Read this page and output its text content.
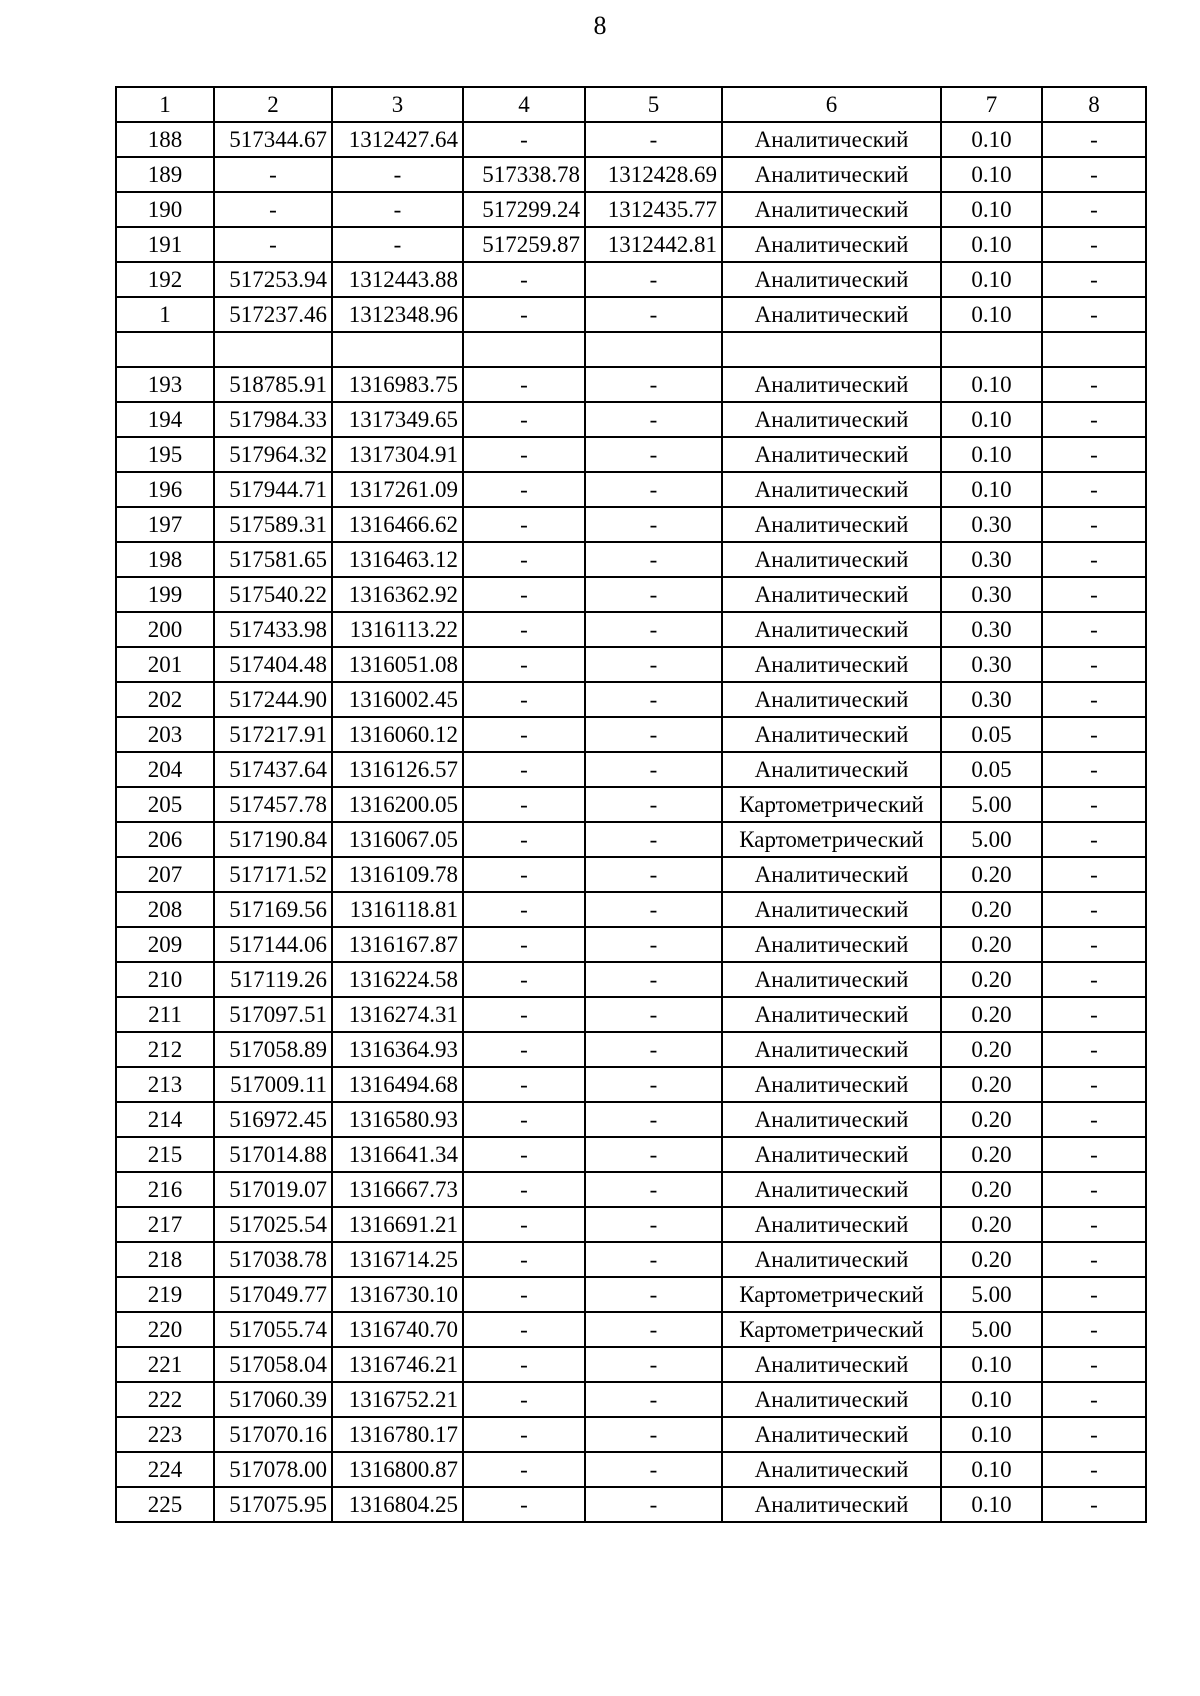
8
1	2	3	4	5	6	7	8
188	517344.67	1312427.64	-	-	Аналитический	0.10	-
189	-	-	517338.78	1312428.69	Аналитический	0.10	-
190	-	-	517299.24	1312435.77	Аналитический	0.10	-
191	-	-	517259.87	1312442.81	Аналитический	0.10	-
192	517253.94	1312443.88	-	-	Аналитический	0.10	-
1	517237.46	1312348.96	-	-	Аналитический	0.10	-

193	518785.91	1316983.75	-	-	Аналитический	0.10	-
194	517984.33	1317349.65	-	-	Аналитический	0.10	-
195	517964.32	1317304.91	-	-	Аналитический	0.10	-
196	517944.71	1317261.09	-	-	Аналитический	0.10	-
197	517589.31	1316466.62	-	-	Аналитический	0.30	-
198	517581.65	1316463.12	-	-	Аналитический	0.30	-
199	517540.22	1316362.92	-	-	Аналитический	0.30	-
200	517433.98	1316113.22	-	-	Аналитический	0.30	-
201	517404.48	1316051.08	-	-	Аналитический	0.30	-
202	517244.90	1316002.45	-	-	Аналитический	0.30	-
203	517217.91	1316060.12	-	-	Аналитический	0.05	-
204	517437.64	1316126.57	-	-	Аналитический	0.05	-
205	517457.78	1316200.05	-	-	Картометрический	5.00	-
206	517190.84	1316067.05	-	-	Картометрический	5.00	-
207	517171.52	1316109.78	-	-	Аналитический	0.20	-
208	517169.56	1316118.81	-	-	Аналитический	0.20	-
209	517144.06	1316167.87	-	-	Аналитический	0.20	-
210	517119.26	1316224.58	-	-	Аналитический	0.20	-
211	517097.51	1316274.31	-	-	Аналитический	0.20	-
212	517058.89	1316364.93	-	-	Аналитический	0.20	-
213	517009.11	1316494.68	-	-	Аналитический	0.20	-
214	516972.45	1316580.93	-	-	Аналитический	0.20	-
215	517014.88	1316641.34	-	-	Аналитический	0.20	-
216	517019.07	1316667.73	-	-	Аналитический	0.20	-
217	517025.54	1316691.21	-	-	Аналитический	0.20	-
218	517038.78	1316714.25	-	-	Аналитический	0.20	-
219	517049.77	1316730.10	-	-	Картометрический	5.00	-
220	517055.74	1316740.70	-	-	Картометрический	5.00	-
221	517058.04	1316746.21	-	-	Аналитический	0.10	-
222	517060.39	1316752.21	-	-	Аналитический	0.10	-
223	517070.16	1316780.17	-	-	Аналитический	0.10	-
224	517078.00	1316800.87	-	-	Аналитический	0.10	-
225	517075.95	1316804.25	-	-	Аналитический	0.10	-
